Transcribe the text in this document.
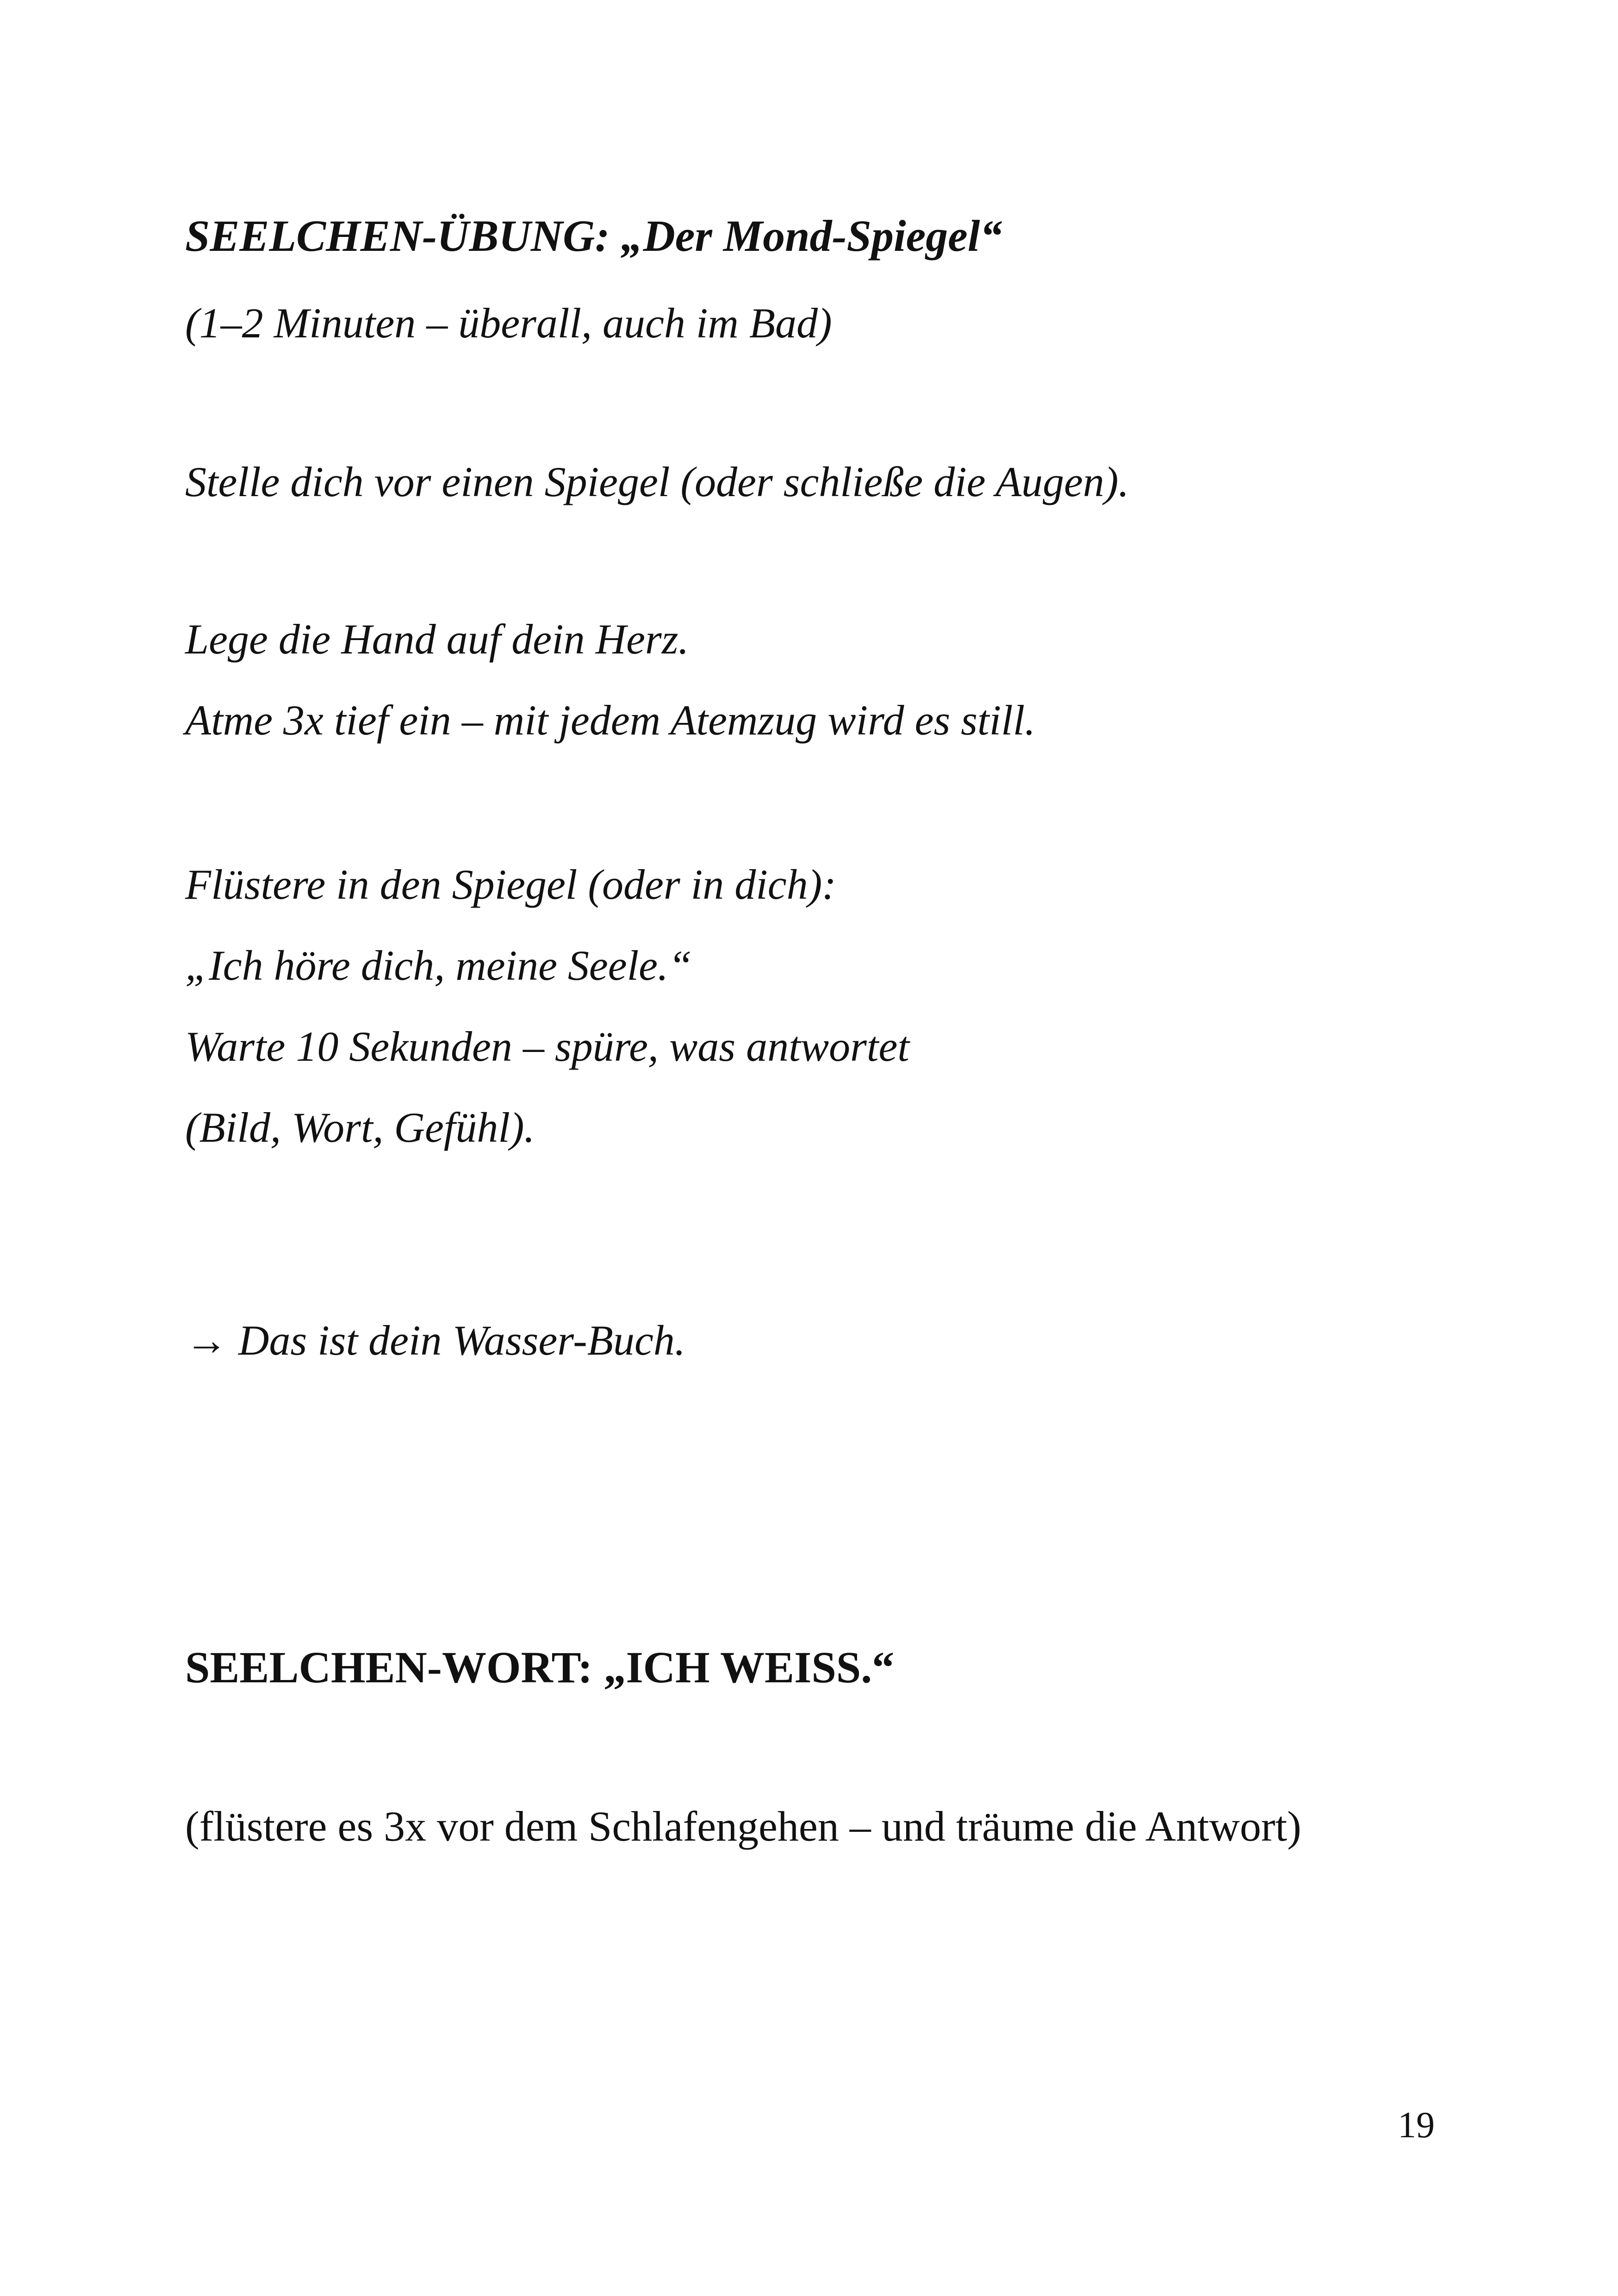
SEELCHEN-ÜBUNG: „Der Mond-Spiegel“
(1–2 Minuten – überall, auch im Bad)
Stelle dich vor einen Spiegel (oder schließe die Augen).
Lege die Hand auf dein Herz.
Atme 3x tief ein – mit jedem Atemzug wird es still.
Flüstere in den Spiegel (oder in dich):
„Ich höre dich, meine Seele.“
Warte 10 Sekunden – spüre, was antwortet
(Bild, Wort, Gefühl).
→ Das ist dein Wasser-Buch.
SEELCHEN-WORT: „ICH WEISS.“
(flüstere es 3x vor dem Schlafengehen – und träume die Antwort)
19
